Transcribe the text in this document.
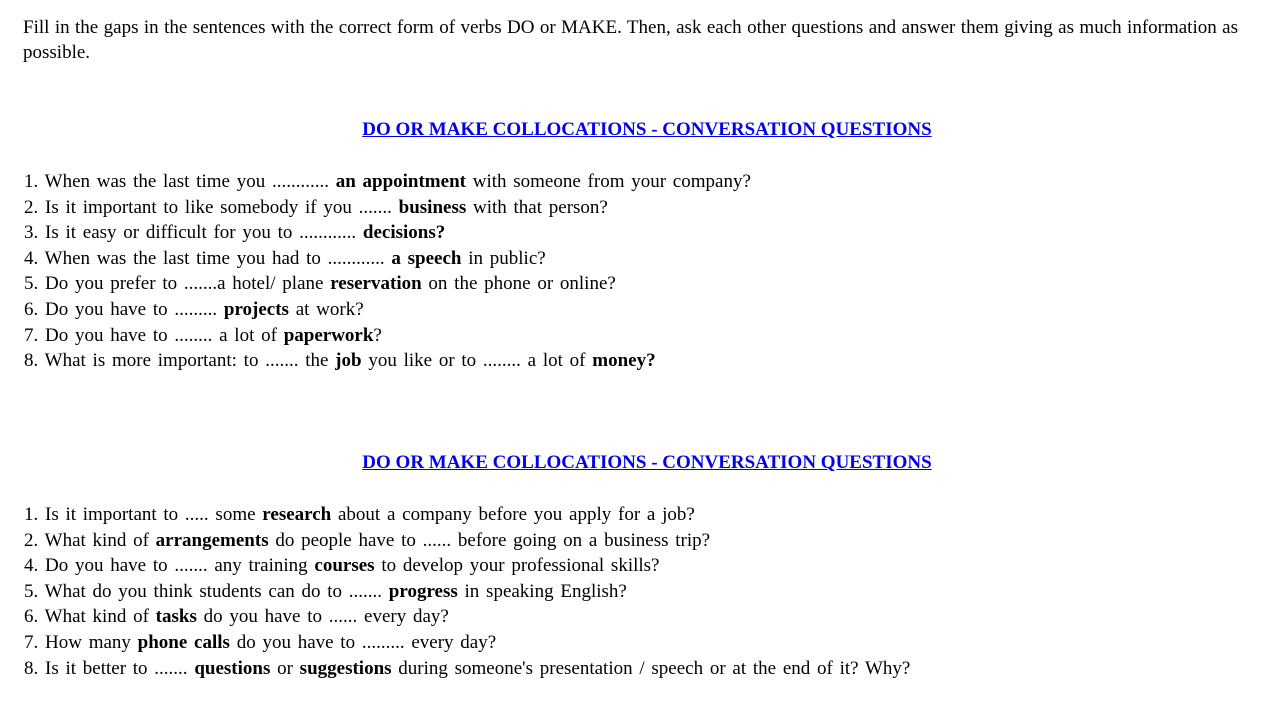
Fill in the gaps in the sentences with the correct form of verbs DO or MAKE. Then, ask each other questions and answer them giving as much information as possible.

DO OR MAKE COLLOCATIONS - CONVERSATION QUESTIONS
1. When was the last time you ............ an appointment with someone from your company?
2. Is it important to like somebody if you ....... business with that person?
3. Is it easy or difficult for you to ............ decisions?
4. When was the last time you had to ............ a speech in public?
5. Do you prefer to .......a hotel/ plane reservation on the phone or online?
6. Do you have to ......... projects at work?
7. Do you have to ........ a lot of paperwork?
8. What is more important: to ....... the job you like or to ........ a lot of money?
DO OR MAKE COLLOCATIONS - CONVERSATION QUESTIONS
1. Is it important to ..... some research about a company before you apply for a job?
2. What kind of arrangements do people have to ...... before going on a business trip?
4. Do you have to ....... any training courses to develop your professional skills?
5. What do you think students can do to ....... progress in speaking English?
6. What kind of tasks do you have to ...... every day?
7. How many phone calls do you have to ......... every day?
8. Is it better to ....... questions or suggestions during someone's presentation / speech or at the end of it? Why?
